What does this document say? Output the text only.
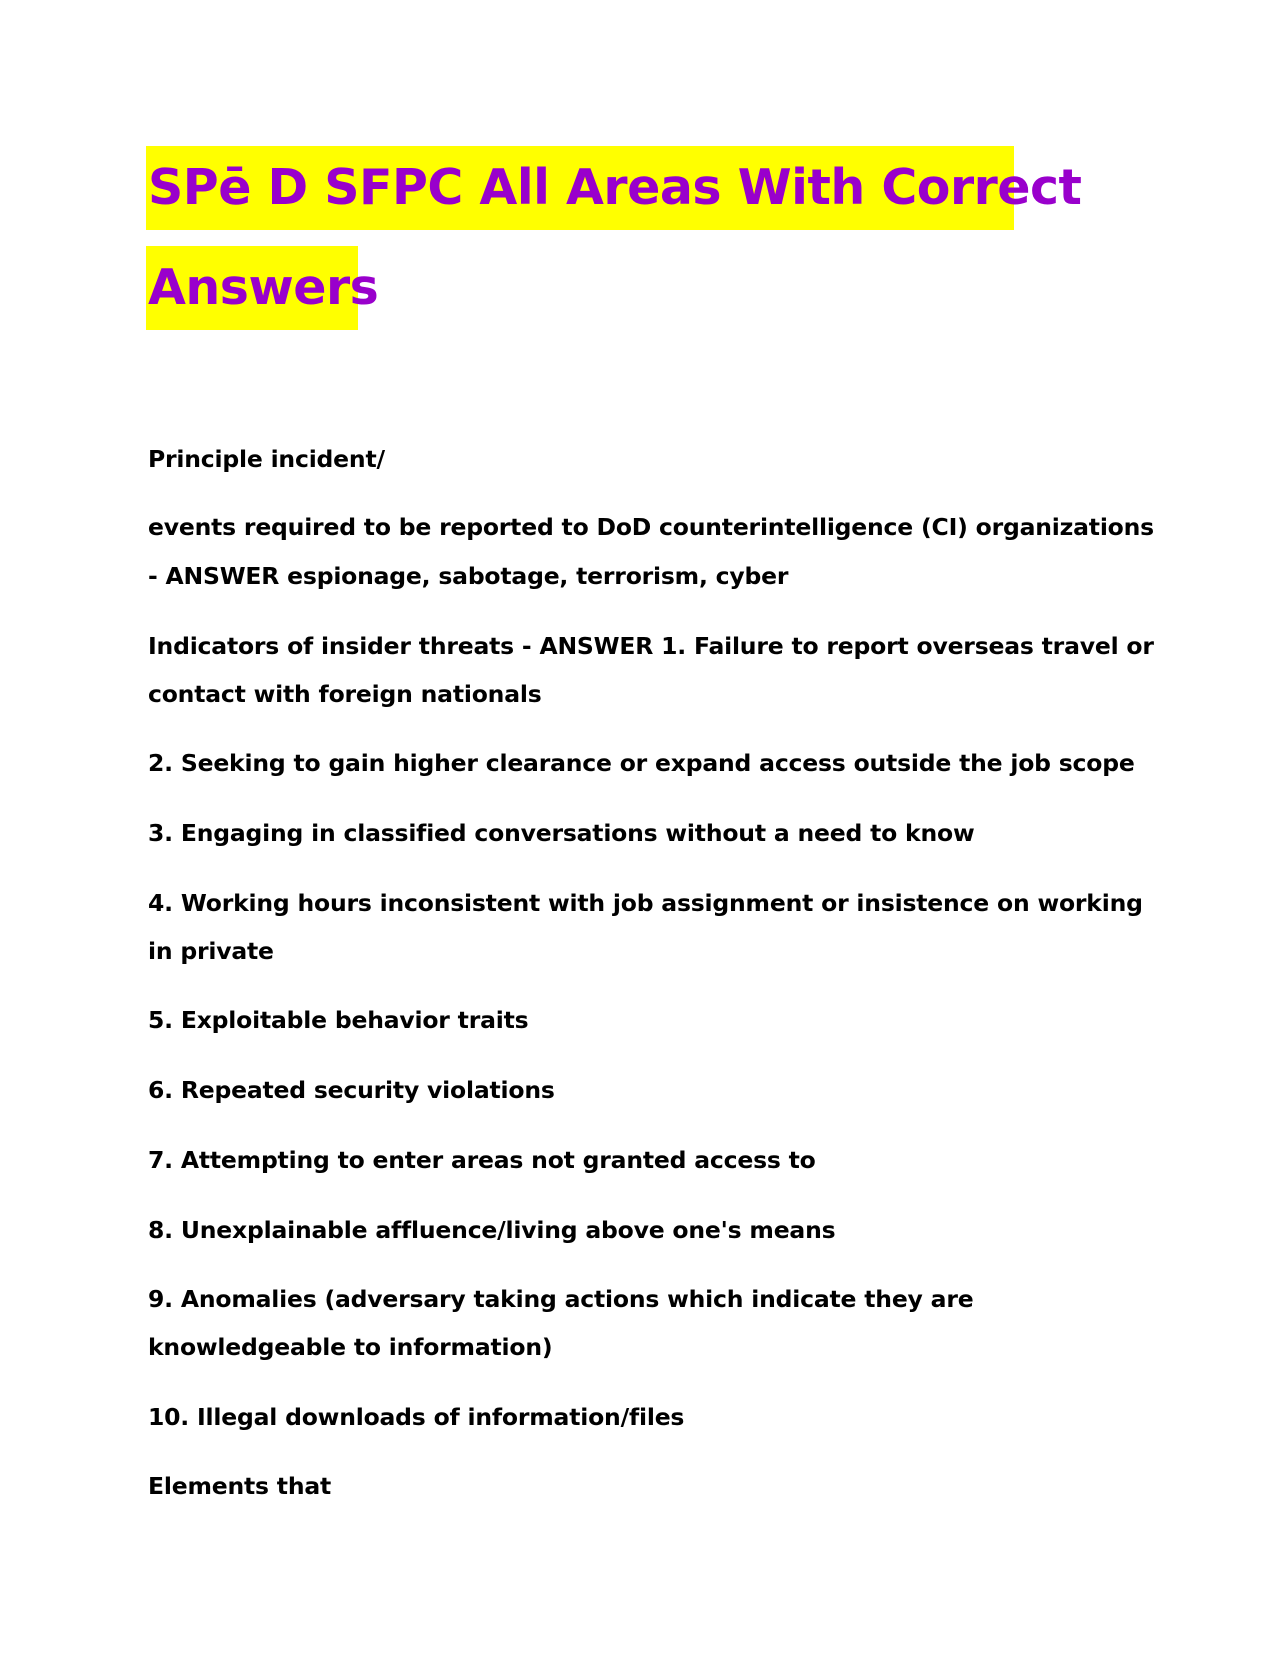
SPē D SFPC All Areas With Correct
Answers
Principle incident/
events required to be reported to DoD counterintelligence (CI) organizations
- ANSWER espionage, sabotage, terrorism, cyber
Indicators of insider threats - ANSWER 1. Failure to report overseas travel or
contact with foreign nationals
2. Seeking to gain higher clearance or expand access outside the job scope
3. Engaging in classified conversations without a need to know
4. Working hours inconsistent with job assignment or insistence on working
in private
5. Exploitable behavior traits
6. Repeated security violations
7. Attempting to enter areas not granted access to
8. Unexplainable affluence/living above one's means
9. Anomalies (adversary taking actions which indicate they are
knowledgeable to information)
10. Illegal downloads of information/files
Elements that
